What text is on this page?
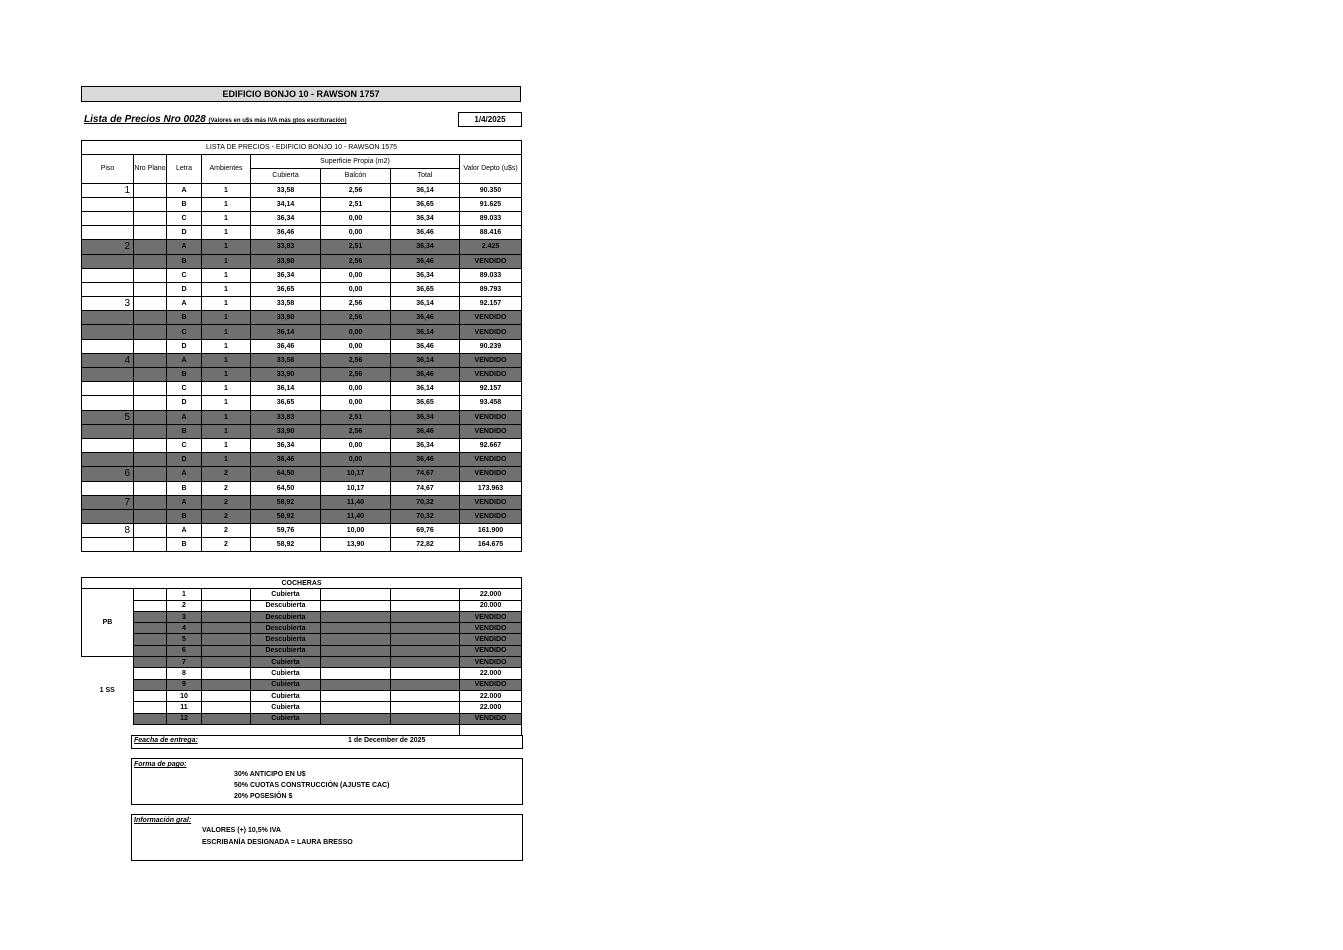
EDIFICIO BONJO 10 - RAWSON 1757
Lista de Precios Nro 0028 (Valores en u$s más IVA más gtos escrituración)	1/4/2025
LISTA DE PRECIOS - EDIFICIO BONJO 10 - RAWSON 1575							
Piso	Nro Plano	Letra	Ambientes	Superficie Propia (m2)			Valor Depto (u$s)
				Cubierta	Balcón	Total	
1		A	1	33,58	2,56	36,14	90.350
		B	1	34,14	2,51	36,65	91.625
		C	1	36,34	0,00	36,34	89.033
		D	1	36,46	0,00	36,46	88.416
2		A	1	33,83	2,51	36,34	2.425
		B	1	33,90	2,56	36,46	VENDIDO
		C	1	36,34	0,00	36,34	89.033
		D	1	36,65	0,00	36,65	89.793
3		A	1	33,58	2,56	36,14	92.157
		B	1	33,90	2,56	36,46	VENDIDO
		C	1	36,14	0,00	36,14	VENDIDO
		D	1	36,46	0,00	36,46	90.239
4		A	1	33,58	2,56	36,14	VENDIDO
		B	1	33,90	2,56	36,46	VENDIDO
		C	1	36,14	0,00	36,14	92.157
		D	1	36,65	0,00	36,65	93.458
5		A	1	33,83	2,51	36,34	VENDIDO
		B	1	33,90	2,56	36,46	VENDIDO
		C	1	36,34	0,00	36,34	92.667
		D	1	36,46	0,00	36,46	VENDIDO
6		A	2	64,50	10,17	74,67	VENDIDO
		B	2	64,50	10,17	74,67	173.963
7		A	2	58,92	11,40	70,32	VENDIDO
		B	2	58,92	11,40	70,32	VENDIDO
8		A	2	59,76	10,00	69,76	161.900
		B	2	58,92	13,90	72,82	164.675
COCHERAS							
PB		1		Cubierta			22.000
		2		Descubierta			20.000
		3		Descubierta			VENDIDO
		4		Descubierta			VENDIDO
		5		Descubierta			VENDIDO
		6		Descubierta			VENDIDO
1 SS		7		Cubierta			VENDIDO
		8		Cubierta			22.000
		9		Cubierta			VENDIDO
		10		Cubierta			22.000
		11		Cubierta			22.000
		12		Cubierta			VENDIDO

Feacha de entrega:	1 de December de 2025
Forma de pago:
30% ANTICIPO EN U$
50% CUOTAS CONSTRUCCIÓN (AJUSTE CAC)
20% POSESIÓN $
Información gral:
VALORES (+) 10,5% IVA
ESCRIBANÍA DESIGNADA = LAURA BRESSO
